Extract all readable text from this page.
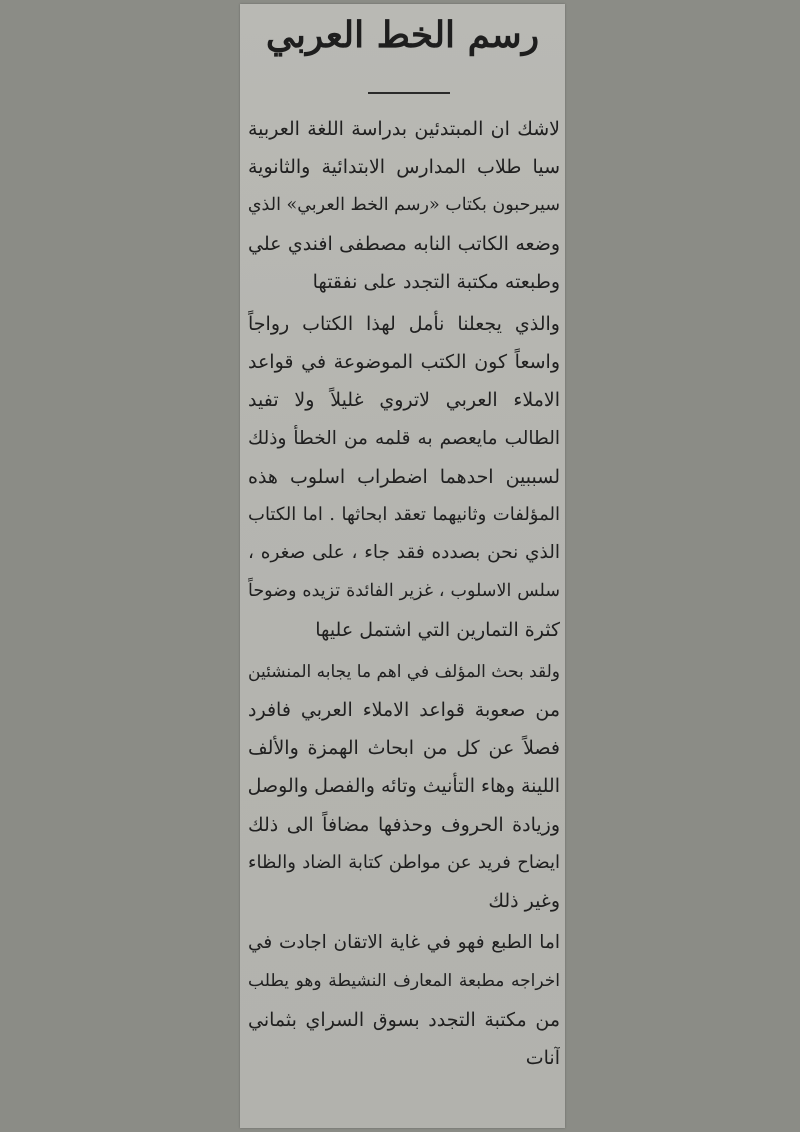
رسم الخط العربي
لاشك ان المبتدئين بدراسة اللغة العربية
سيا طلاب المدارس الابتدائية والثانوية
سيرحبون بكتاب «رسم الخط العربي» الذي
وضعه الكاتب النابه مصطفى افندي علي
وطبعته مكتبة التجدد على نفقتها
والذي يجعلنا نأمل لهذا الكتاب رواجاً
واسعاً كون الكتب الموضوعة في قواعد
الاملاء العربي لاتروي غليلاً ولا تفيد
الطالب مايعصم به قلمه من الخطأ وذلك
لسببين احدهما اضطراب اسلوب هذه
المؤلفات وثانيهما تعقد ابحاثها . اما الكتاب
الذي نحن بصدده فقد جاء ، على صغره ،
سلس الاسلوب ، غزير الفائدة تزيده وضوحاً
كثرة التمارين التي اشتمل عليها
ولقد بحث المؤلف في اهم ما يجابه المنشئين
من صعوبة قواعد الاملاء العربي فافرد
فصلاً عن كل من ابحاث الهمزة والألف
اللينة وهاء التأنيث وتائه والفصل والوصل
وزيادة الحروف وحذفها مضافاً الى ذلك
ايضاح فريد عن مواطن كتابة الضاد والظاء
وغير ذلك
اما الطبع فهو في غاية الاتقان اجادت في
اخراجه مطبعة المعارف النشيطة وهو يطلب
من مكتبة التجدد بسوق السراي بثماني
آنات
